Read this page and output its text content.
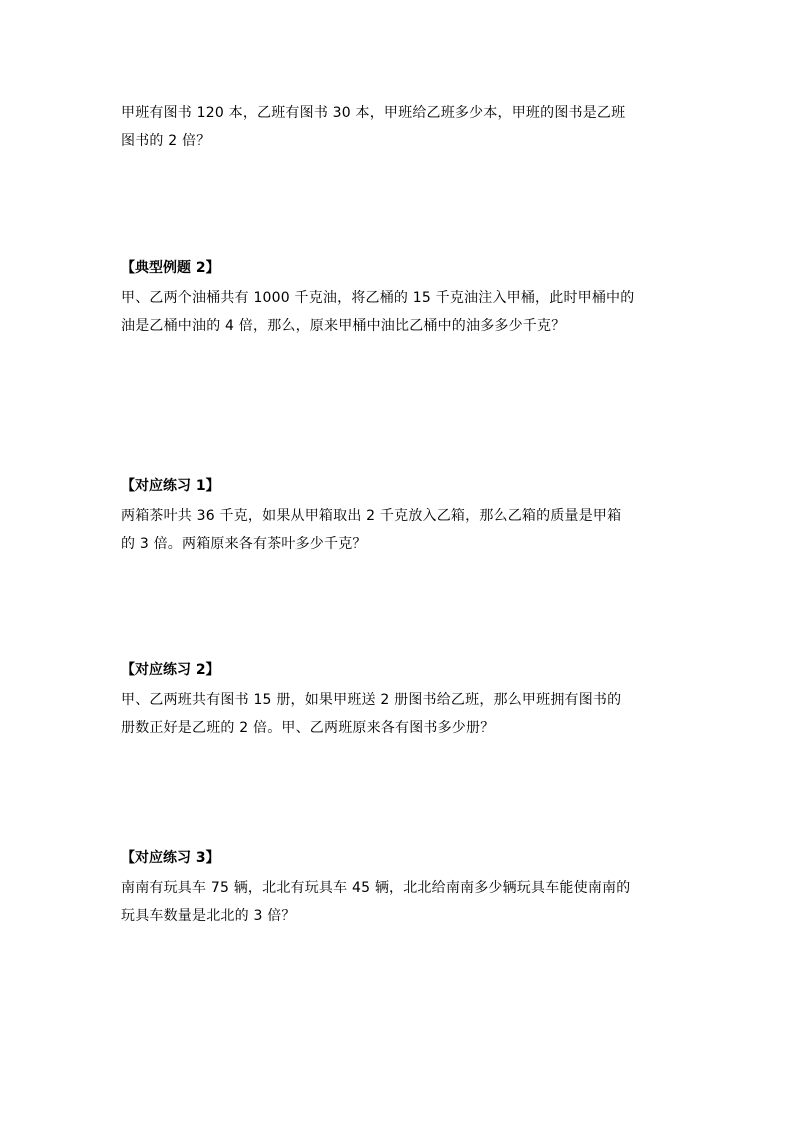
甲班有图书 120 本，乙班有图书 30 本，甲班给乙班多少本，甲班的图书是乙班
图书的 2 倍？
【典型例题 2】
甲、乙两个油桶共有 1000 千克油，将乙桶的 15 千克油注入甲桶，此时甲桶中的
油是乙桶中油的 4 倍，那么，原来甲桶中油比乙桶中的油多多少千克？
【对应练习 1】
两箱茶叶共 36 千克，如果从甲箱取出 2 千克放入乙箱，那么乙箱的质量是甲箱
的 3 倍。两箱原来各有茶叶多少千克？
【对应练习 2】
甲、乙两班共有图书 15 册，如果甲班送 2 册图书给乙班，那么甲班拥有图书的
册数正好是乙班的 2 倍。甲、乙两班原来各有图书多少册？
【对应练习 3】
南南有玩具车 75 辆，北北有玩具车 45 辆，北北给南南多少辆玩具车能使南南的
玩具车数量是北北的 3 倍？
